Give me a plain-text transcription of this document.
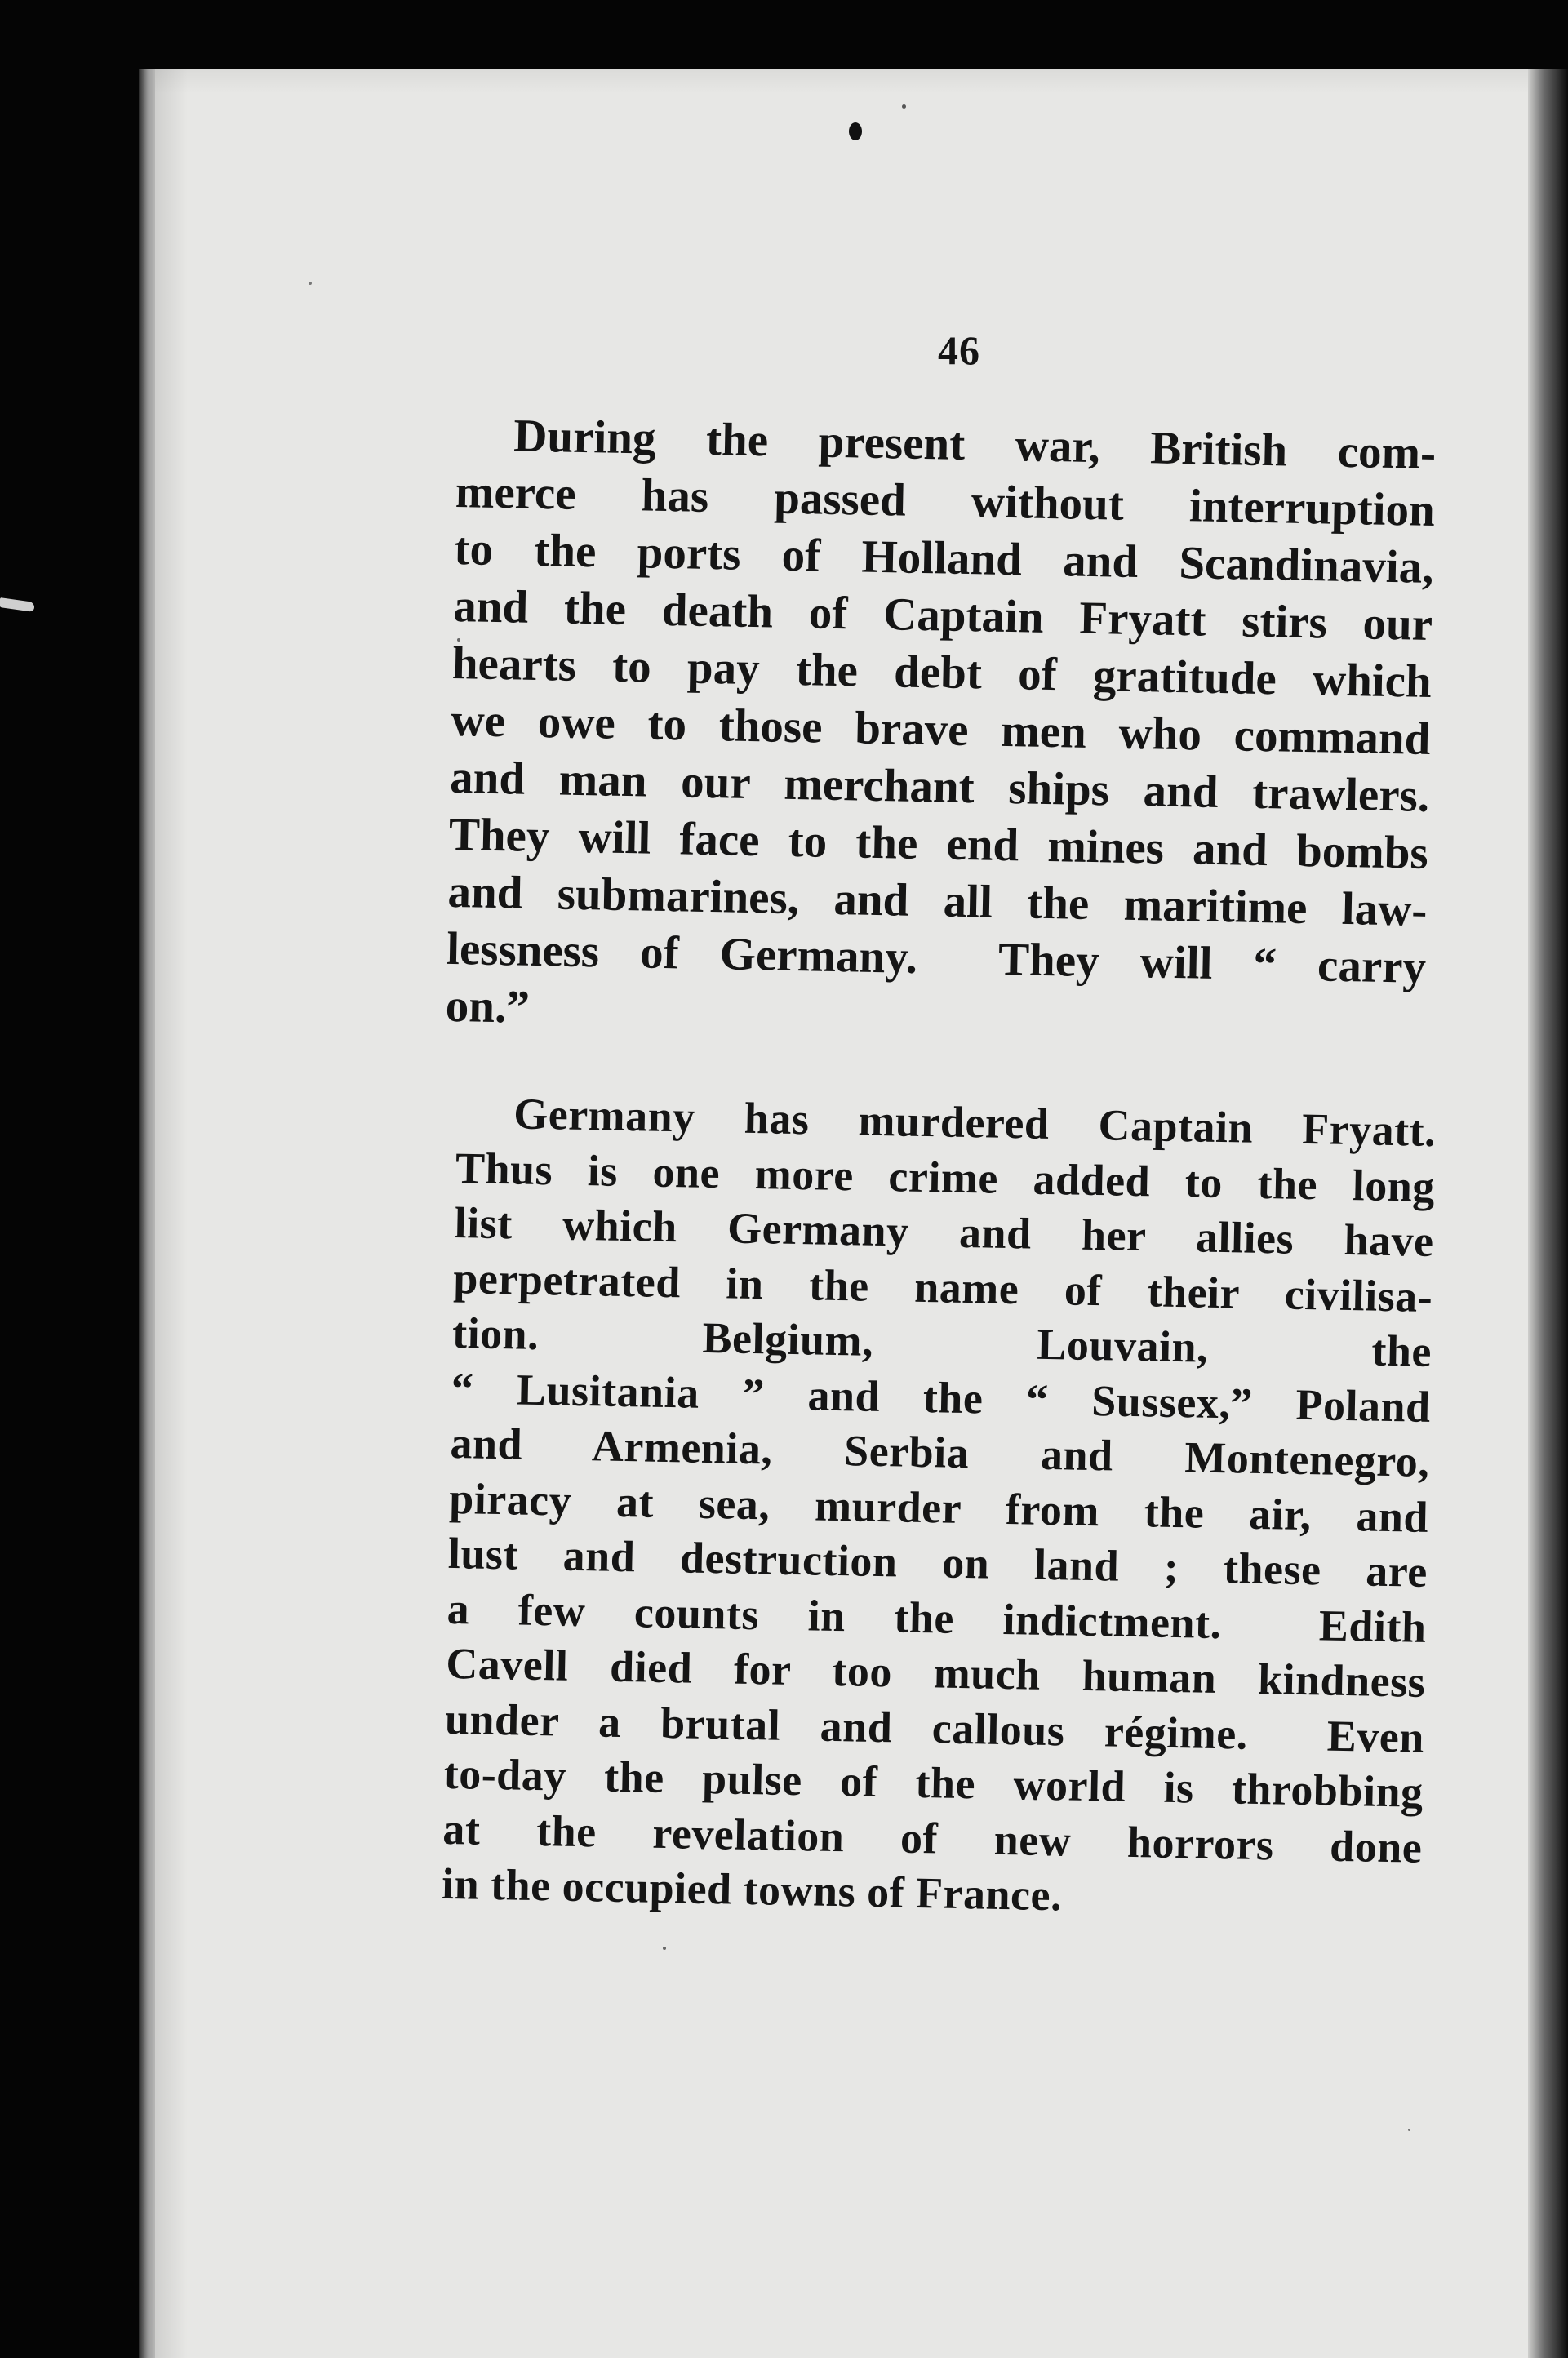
46
During the present war, British com-
merce has passed without interruption
to the ports of Holland and Scandinavia,
and the death of Captain Fryatt stirs our
hearts to pay the debt of gratitude which
we owe to those brave men who command
and man our merchant ships and trawlers.
They will face to the end mines and bombs
and submarines, and all the maritime law-
lessness of Germany.  They will “ carry
on.”
Germany has murdered Captain Fryatt.
Thus is one more crime added to the long
list which Germany and her allies have
perpetrated in the name of their civilisa-
tion.      Belgium,      Louvain,      the
“ Lusitania ” and the “ Sussex,” Poland
and Armenia, Serbia and Montenegro,
piracy at sea, murder from the air, and
lust and destruction on land ; these are
a few counts in the indictment.  Edith
Cavell died for too much human kindness
under a brutal and callous régime.  Even
to-day the pulse of the world is throbbing
at the revelation of new horrors done
in the occupied towns of France.
